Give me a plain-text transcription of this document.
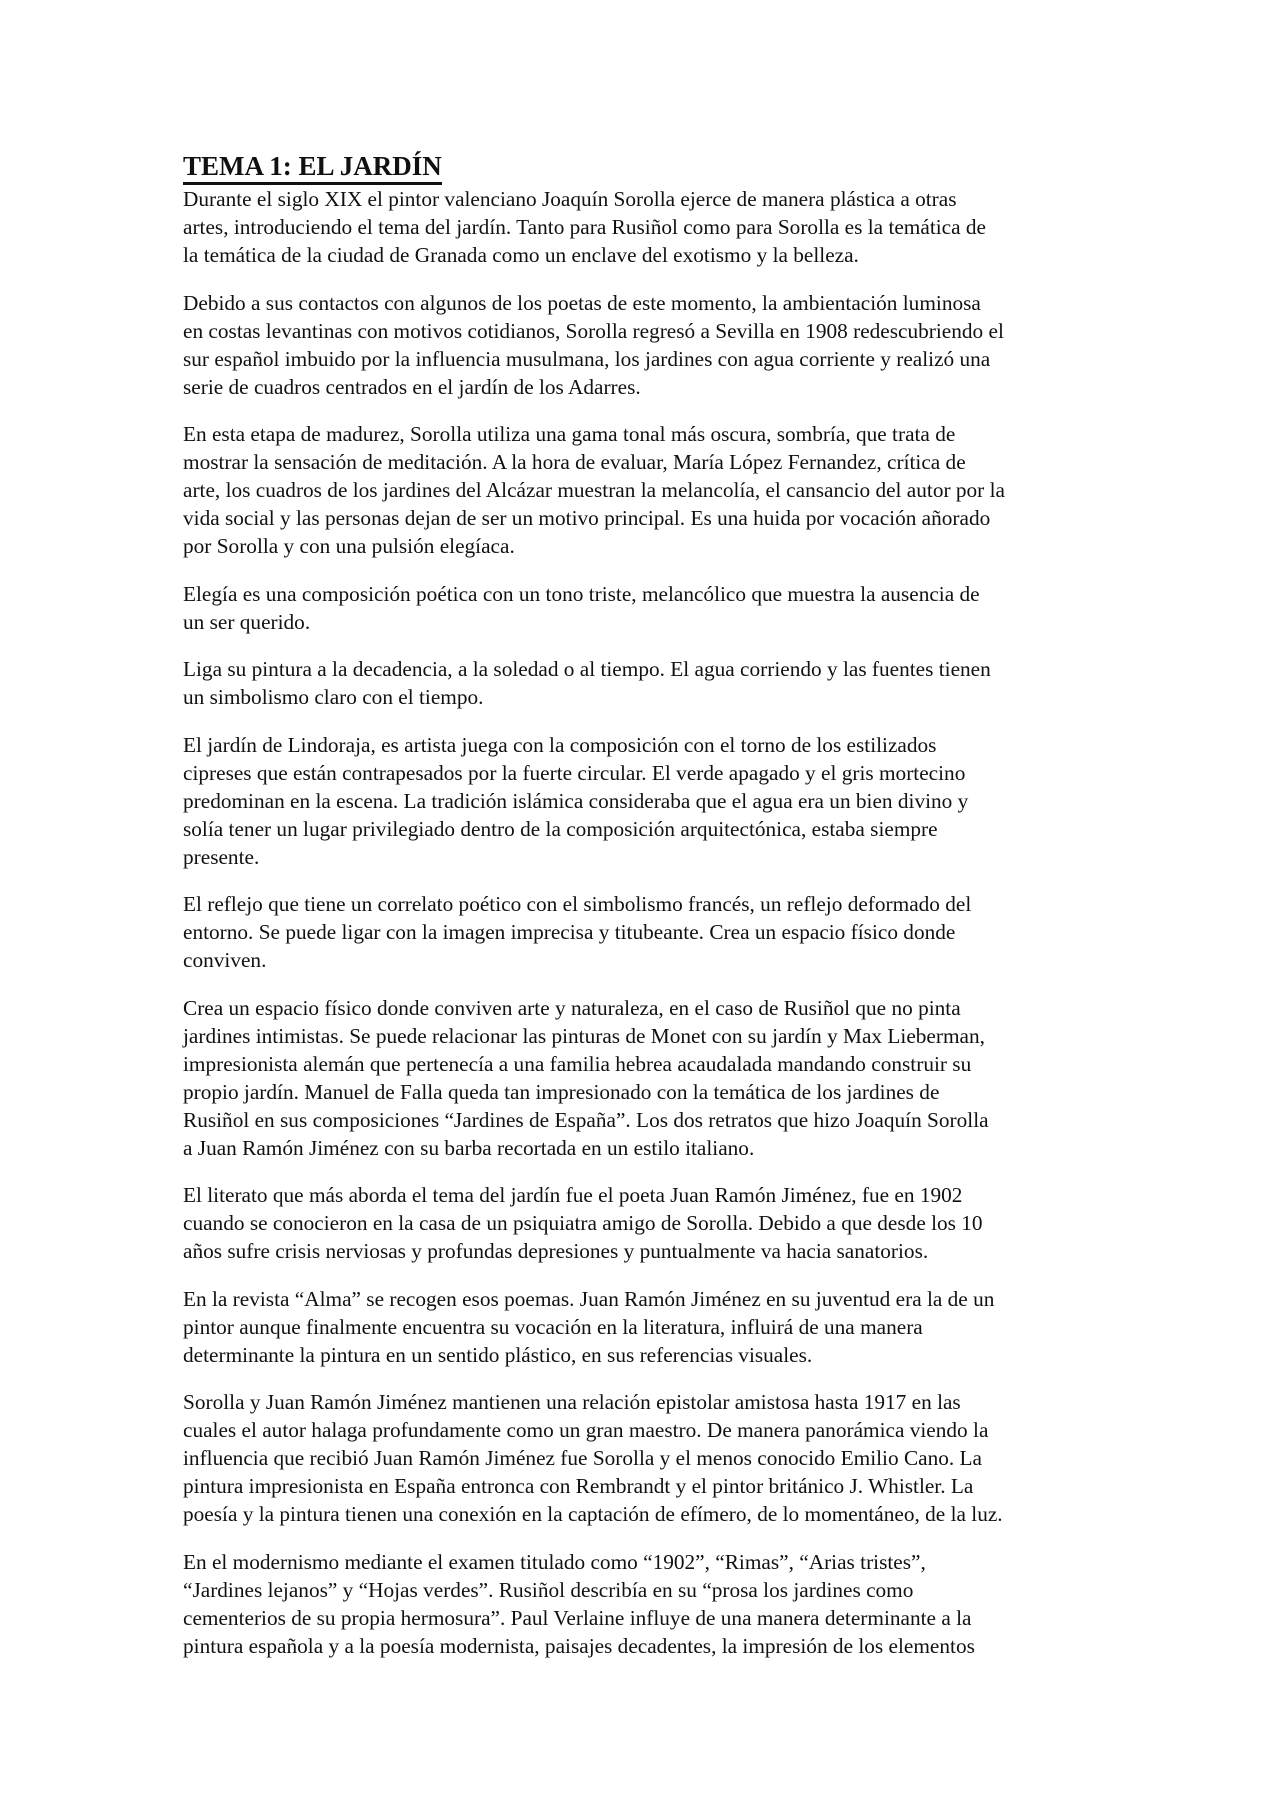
TEMA 1: EL JARDÍN

Durante el siglo XIX el pintor valenciano Joaquín Sorolla ejerce de manera plástica a otras
artes, introduciendo el tema del jardín. Tanto para Rusiñol como para Sorolla es la temática de
la temática de la ciudad de Granada como un enclave del exotismo y la belleza.

Debido a sus contactos con algunos de los poetas de este momento, la ambientación luminosa
en costas levantinas con motivos cotidianos, Sorolla regresó a Sevilla en 1908 redescubriendo el
sur español imbuido por la influencia musulmana, los jardines con agua corriente y realizó una
serie de cuadros centrados en el jardín de los Adarres.

En esta etapa de madurez, Sorolla utiliza una gama tonal más oscura, sombría, que trata de
mostrar la sensación de meditación. A la hora de evaluar, María López Fernandez, crítica de
arte, los cuadros de los jardines del Alcázar muestran la melancolía, el cansancio del autor por la
vida social y las personas dejan de ser un motivo principal. Es una huida por vocación añorado
por Sorolla y con una pulsión elegíaca.

Elegía es una composición poética con un tono triste, melancólico que muestra la ausencia de
un ser querido.

Liga su pintura a la decadencia, a la soledad o al tiempo. El agua corriendo y las fuentes tienen
un simbolismo claro con el tiempo.

El jardín de Lindoraja, es artista juega con la composición con el torno de los estilizados
cipreses que están contrapesados por la fuerte circular. El verde apagado y el gris mortecino
predominan en la escena. La tradición islámica consideraba que el agua era un bien divino y
solía tener un lugar privilegiado dentro de la composición arquitectónica, estaba siempre
presente.

El reflejo que tiene un correlato poético con el simbolismo francés, un reflejo deformado del
entorno. Se puede ligar con la imagen imprecisa y titubeante. Crea un espacio físico donde
conviven.

Crea un espacio físico donde conviven arte y naturaleza, en el caso de Rusiñol que no pinta
jardines intimistas. Se puede relacionar las pinturas de Monet con su jardín y Max Lieberman,
impresionista alemán que pertenecía a una familia hebrea acaudalada mandando construir su
propio jardín. Manuel de Falla queda tan impresionado con la temática de los jardines de
Rusiñol en sus composiciones “Jardines de España”. Los dos retratos que hizo Joaquín Sorolla
a Juan Ramón Jiménez con su barba recortada en un estilo italiano.

El literato que más aborda el tema del jardín fue el poeta Juan Ramón Jiménez, fue en 1902
cuando se conocieron en la casa de un psiquiatra amigo de Sorolla. Debido a que desde los 10
años sufre crisis nerviosas y profundas depresiones y puntualmente va hacia sanatorios.

En la revista “Alma” se recogen esos poemas. Juan Ramón Jiménez en su juventud era la de un
pintor aunque finalmente encuentra su vocación en la literatura, influirá de una manera
determinante la pintura en un sentido plástico, en sus referencias visuales.

Sorolla y Juan Ramón Jiménez mantienen una relación epistolar amistosa hasta 1917 en las
cuales el autor halaga profundamente como un gran maestro. De manera panorámica viendo la
influencia que recibió Juan Ramón Jiménez fue Sorolla y el menos conocido Emilio Cano. La
pintura impresionista en España entronca con Rembrandt y el pintor británico J. Whistler. La
poesía y la pintura tienen una conexión en la captación de efímero, de lo momentáneo, de la luz.

En el modernismo mediante el examen titulado como “1902”, “Rimas”, “Arias tristes”,
“Jardines lejanos” y “Hojas verdes”. Rusiñol describía en su “prosa los jardines como
cementerios de su propia hermosura”. Paul Verlaine influye de una manera determinante a la
pintura española y a la poesía modernista, paisajes decadentes, la impresión de los elementos
